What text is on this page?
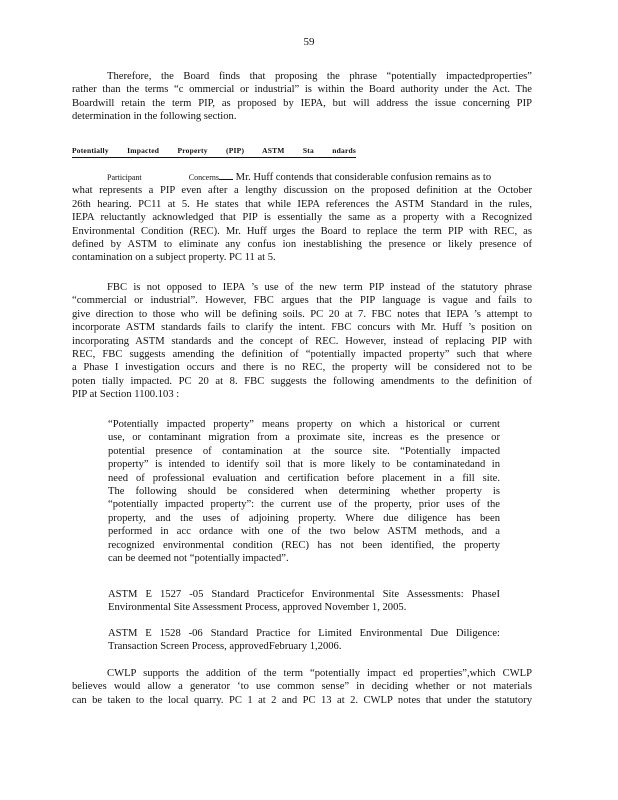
59
Therefore, the Board finds that proposing the phrase “potentially impactedproperties”
rather than the terms “c ommercial or industrial” is within the Board authority under the Act. The
Boardwill retain the term PIP, as proposed by IEPA, but will address the issue concerning PIP
determination in the following section.
Potentially Impacted Property (PIP) ASTM Sta ndards
Participant Concerns Mr. Huff contends that considerable confusion remains as to
what represents a PIP even after a lengthy discussion on the proposed definition at the October
26th hearing. PC11 at 5. He states that while IEPA references the ASTM Standard in the rules,
IEPA reluctantly acknowledged that PIP is essentially the same as a property with a Recognized
Environmental Condition (REC). Mr. Huff urges the Board to replace the term PIP with REC, as
defined by ASTM to eliminate any confus ion inestablishing the presence or likely presence of
contamination on a subject property. PC 11 at 5.
FBC is not opposed to IEPA ’s use of the new term PIP instead of the statutory phrase
“commercial or industrial”. However, FBC argues that the PIP language is vague and fails to
give direction to those who will be defining soils. PC 20 at 7. FBC notes that IEPA ’s attempt to
incorporate ASTM standards fails to clarify the intent. FBC concurs with Mr. Huff ’s position on
incorporating ASTM standards and the concept of REC. However, instead of replacing PIP with
REC, FBC suggests amending the definition of “potentially impacted property” such that where
a Phase I investigation occurs and there is no REC, the property will be considered not to be
poten tially impacted. PC 20 at 8. FBC suggests the following amendments to the definition of
PIP at Section 1100.103 :
“Potentially impacted property” means property on which a historical or current
use, or contaminant migration from a proximate site, increas es the presence or
potential presence of contamination at the source site. “Potentially impacted
property” is intended to identify soil that is more likely to be contaminatedand in
need of professional evaluation and certification before placement in a fill site.
The following should be considered when determining whether property is
“potentially impacted property”: the current use of the property, prior uses of the
property, and the uses of adjoining property. Where due diligence has been
performed in acc ordance with one of the two below ASTM methods, and a
recognized environmental condition (REC) has not been identified, the property
can be deemed not “potentially impacted”.
ASTM E 1527 -05 Standard Practicefor Environmental Site Assessments: PhaseI
Environmental Site Assessment Process, approved November 1, 2005.
ASTM E 1528 -06 Standard Practice for Limited Environmental Due Diligence:
Transaction Screen Process, approvedFebruary 1,2006.
CWLP supports the addition of the term “potentially impact ed properties”,which CWLP
believes would allow a generator ‘to use common sense” in deciding whether or not materials
can be taken to the local quarry. PC 1 at 2 and PC 13 at 2. CWLP notes that under the statutory
